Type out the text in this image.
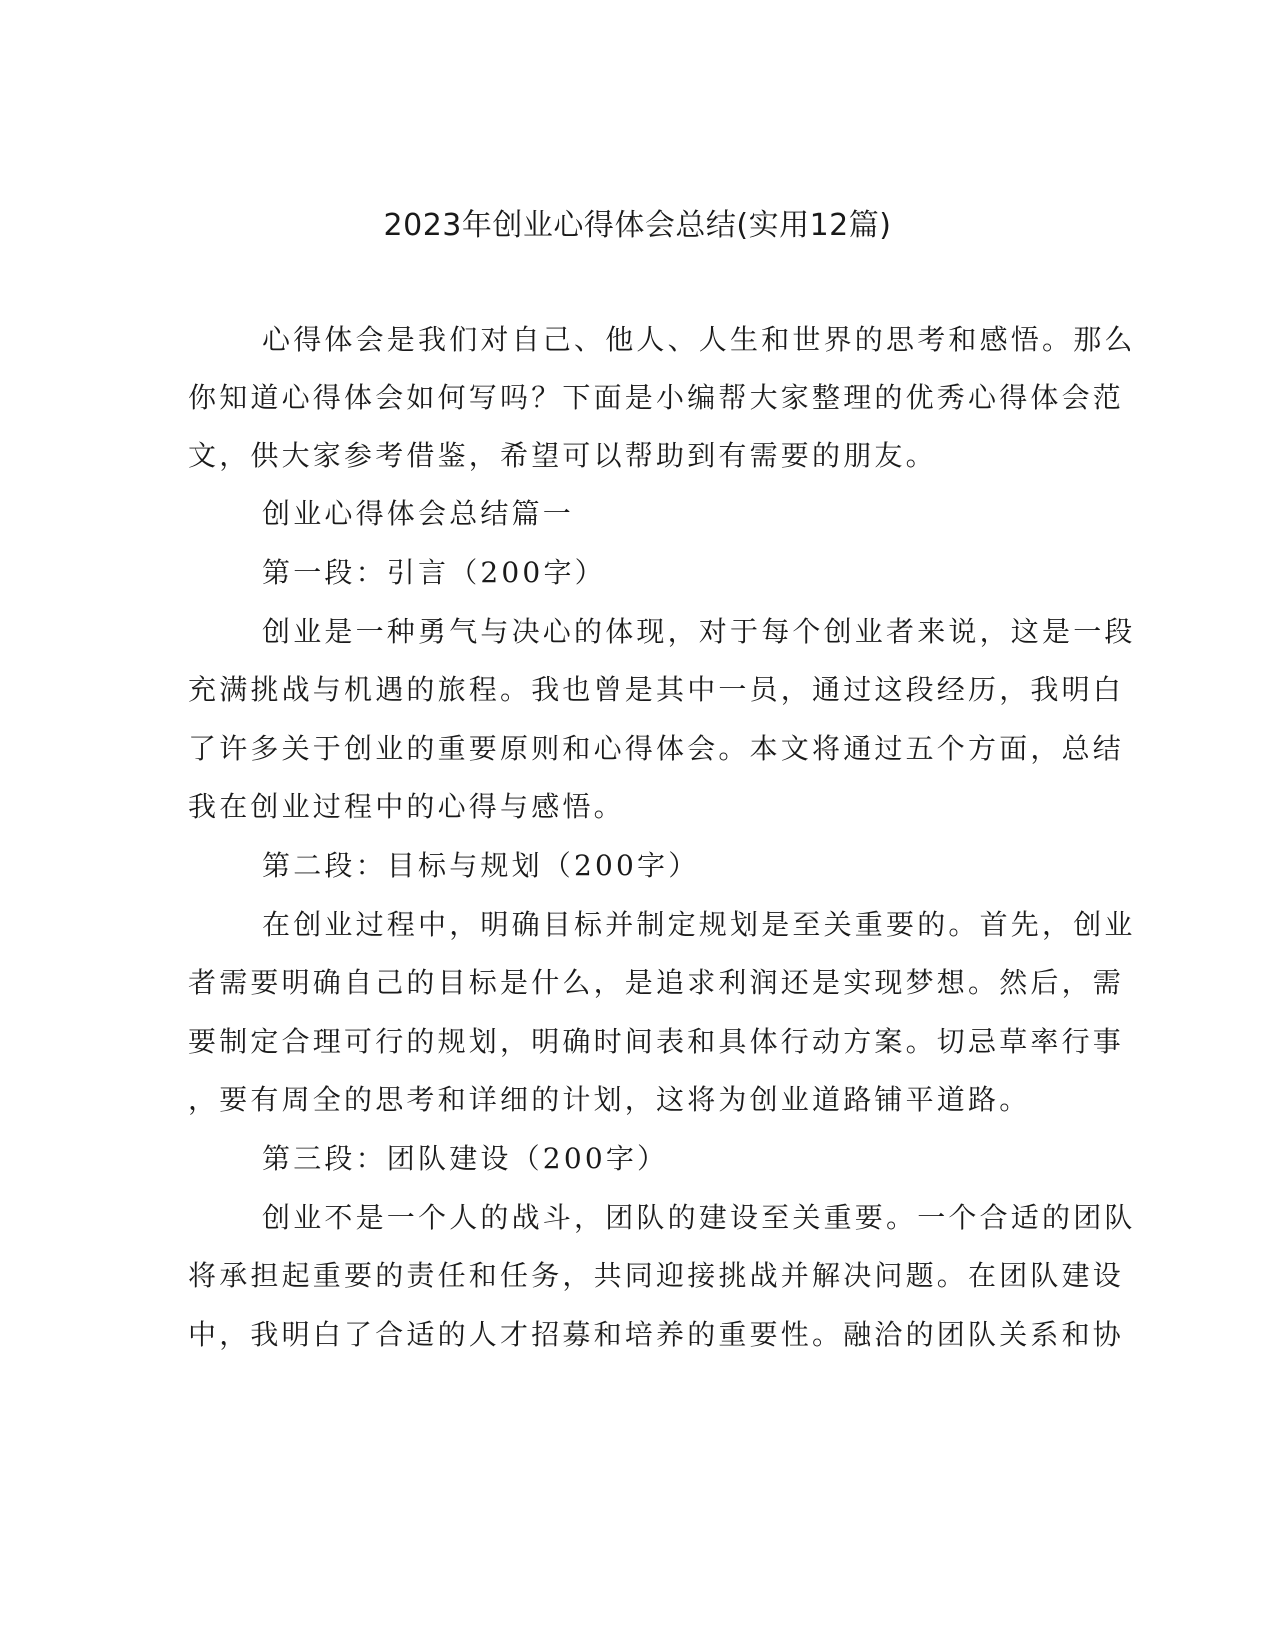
2023年创业心得体会总结(实用12篇)

心得体会是我们对自己、他人、人生和世界的思考和感悟。那么

你知道心得体会如何写吗？下面是小编帮大家整理的优秀心得体会范

文，供大家参考借鉴，希望可以帮助到有需要的朋友。

创业心得体会总结篇一

第一段：引言（200字）

创业是一种勇气与决心的体现，对于每个创业者来说，这是一段

充满挑战与机遇的旅程。我也曾是其中一员，通过这段经历，我明白

了许多关于创业的重要原则和心得体会。本文将通过五个方面，总结

我在创业过程中的心得与感悟。

第二段：目标与规划（200字）

在创业过程中，明确目标并制定规划是至关重要的。首先，创业

者需要明确自己的目标是什么，是追求利润还是实现梦想。然后，需

要制定合理可行的规划，明确时间表和具体行动方案。切忌草率行事

，要有周全的思考和详细的计划，这将为创业道路铺平道路。

第三段：团队建设（200字）

创业不是一个人的战斗，团队的建设至关重要。一个合适的团队

将承担起重要的责任和任务，共同迎接挑战并解决问题。在团队建设

中，我明白了合适的人才招募和培养的重要性。融洽的团队关系和协
